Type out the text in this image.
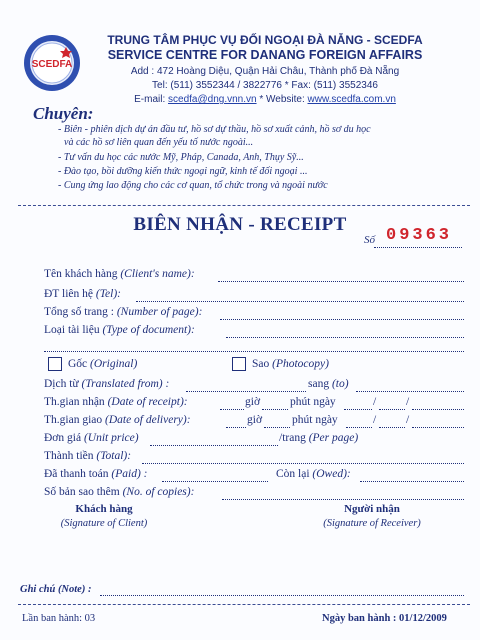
SCEDFA
TRUNG TÂM PHỤC VỤ ĐỐI NGOẠI ĐÀ NẴNG - SCEDFA
SERVICE CENTRE FOR DANANG FOREIGN AFFAIRS
Add : 472 Hoàng Diệu, Quận Hải Châu, Thành phố Đà Nẵng
Tel: (511) 3552344 / 3822776 * Fax: (511) 3552346
E-mail: scedfa@dng.vnn.vn * Website: www.scedfa.com.vn
Chuyên:
- Biên - phiên dịch dự án đầu tư, hồ sơ dự thầu, hồ sơ xuất cảnh, hồ sơ du học
và các hồ sơ liên quan đến yếu tố nước ngoài...
- Tư vấn du học các nước Mỹ, Pháp, Canada, Anh, Thụy Sỹ...
- Đào tạo, bồi dưỡng kiến thức ngoại ngữ, kinh tế đối ngoại ...
- Cung ứng lao động cho các cơ quan, tổ chức trong và ngoài nước
BIÊN NHẬN - RECEIPT
Số 09363
Tên khách hàng (Client's name):
ĐT liên hệ (Tel):
Tổng số trang : (Number of page):
Loại tài liệu (Type of document):
Gốc (Original)	Sao (Photocopy)
Dịch từ (Translated from) :	sang (to)
Th.gian nhận (Date of receipt):	giờ	phút ngày	/	/
Th.gian giao (Date of delivery):	giờ	phút ngày	/	/
Đơn giá (Unit price)	/trang (Per page)
Thành tiền (Total):
Đã thanh toán (Paid) :	Còn lại (Owed):
Số bản sao thêm (No. of copies):
Khách hàng
(Signature of Client)
Người nhận
(Signature of Receiver)
Ghi chú (Note) :
Lần ban hành: 03	Ngày ban hành : 01/12/2009
